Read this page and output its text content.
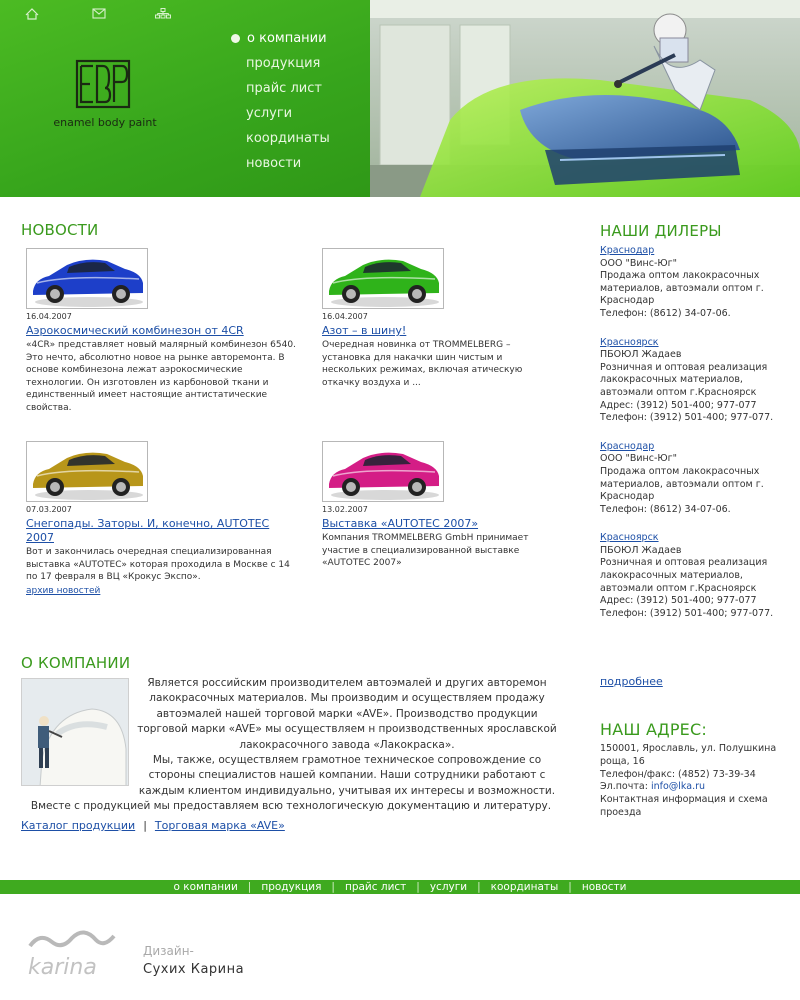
EBP
enamel body paint
о компании
продукция
прайс лист
услуги
координаты
новости
НОВОСТИ
16.04.2007
Аэрокосмический комбинезон от 4CR
«4CR» представляет новый малярный комбинезон 6540. Это нечто, абсолютно новое на рынке авторемонта. В основе комбинезона лежат аэрокосмические технологии. Он изготовлен из карбоновой ткани и единственный имеет настоящие антистатические свойства.
16.04.2007
Азот – в шину!
Очередная новинка от TROMMELBERG – установка для накачки шин чистым и нескольких режимах, включая атическую откачку воздуха и ...
07.03.2007
Снегопады. Заторы. И, конечно, AUTOTEC 2007
Вот и закончилась очередная специализированная выставка «AUTOTEC» которая проходила в Москве с 14 по 17 февраля в ВЦ «Крокус Экспо».
13.02.2007
Выставка «AUTOTEC 2007»
Компания TROMMELBERG GmbH принимает участие в специализированной выставке «AUTOTEC 2007»
архив новостей
О КОМПАНИИ
Является российским производителем автоэмалей и других авторемон лакокрасочных материалов. Мы производим и осуществляем продажу автоэмалей нашей торговой марки «AVE». Производство продукции торговой марки «AVE» мы осуществляем н производственных ярославской лакокрасочного завода «Лакокраска».
Мы, также, осуществляем грамотное техническое сопровождение со стороны специалистов нашей компании. Наши сотрудники работают с каждым клиентом индивидуально, учитывая их интересы и возможности. Вместе с продукцией мы предоставляем всю технологическую документацию и литературу.
Каталог продукции | Торговая марка «AVE»
НАШИ ДИЛЕРЫ
Краснодар
ООО "Винс-Юг"
Продажа оптом лакокрасочных материалов, автоэмали оптом г. Краснодар
Телефон: (8612) 34-07-06.
Красноярск
ПБОЮЛ Жадаев
Розничная и оптовая реализация лакокрасочных материалов, автоэмали оптом г.Красноярск
Адрес: (3912) 501-400; 977-077
Телефон: (3912) 501-400; 977-077.
Краснодар
ООО "Винс-Юг"
Продажа оптом лакокрасочных материалов, автоэмали оптом г. Краснодар
Телефон: (8612) 34-07-06.
Красноярск
ПБОЮЛ Жадаев
Розничная и оптовая реализация лакокрасочных материалов, автоэмали оптом г.Красноярск
Адрес: (3912) 501-400; 977-077
Телефон: (3912) 501-400; 977-077.
подробнее
НАШ АДРЕС:
150001, Ярославль, ул. Полушкина роща, 16
Телефон/факс: (4852) 73-39-34
Эл.почта: info@lka.ru
Контактная информация и схема проезда
о компании | продукция | прайс лист | услуги | координаты | новости
karina
Дизайн-
Сухих Карина
